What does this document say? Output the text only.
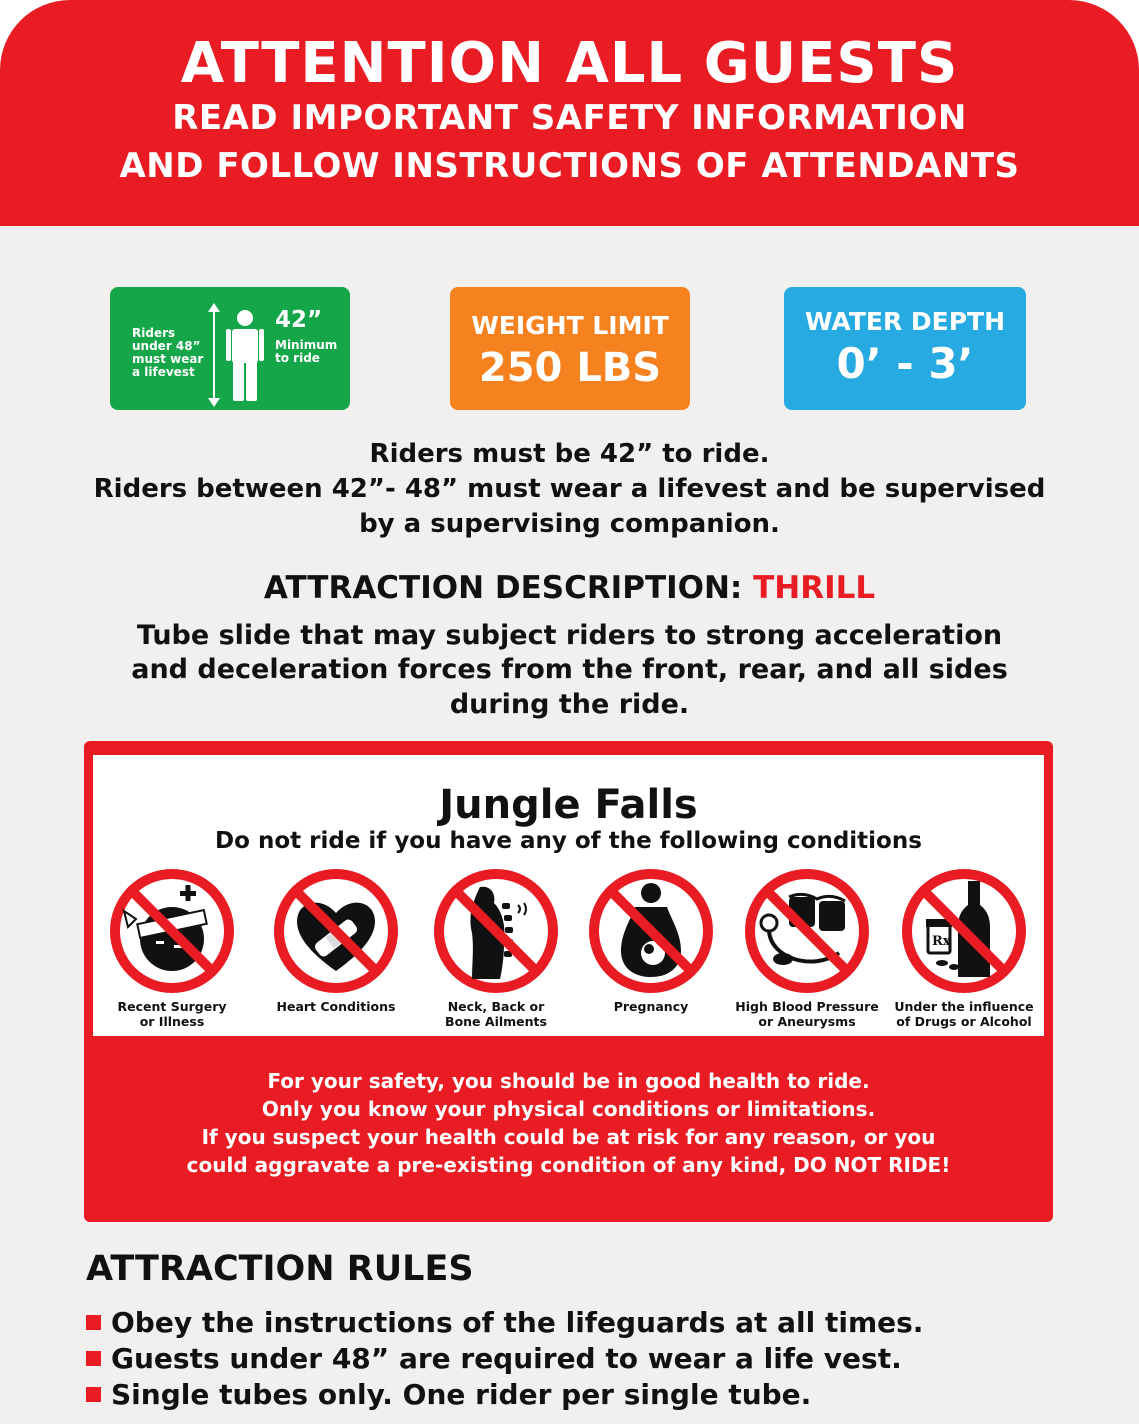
ATTENTION ALL GUESTS
READ IMPORTANT SAFETY INFORMATION
AND FOLLOW INSTRUCTIONS OF ATTENDANTS
Riders
under 48”
must wear
a lifevest
42”
Minimum
to ride
WEIGHT LIMIT
250 LBS
WATER DEPTH
0’ - 3’
Riders must be 42” to ride.
Riders between 42”- 48” must wear a lifevest and be supervised
by a supervising companion.
ATTRACTION DESCRIPTION: THRILL
Tube slide that may subject riders to strong acceleration
and deceleration forces from the front, rear, and all sides
during the ride.
Jungle Falls
Do not ride if you have any of the following conditions
Recent Surgery
or Illness
Heart Conditions	Neck, Back or
Bone Ailments
Pregnancy	High Blood Pressure
or Aneurysms
Rx
Under the influence
of Drugs or Alcohol
For your safety, you should be in good health to ride.
Only you know your physical conditions or limitations.
If you suspect your health could be at risk for any reason, or you
could aggravate a pre-existing condition of any kind, DO NOT RIDE!
ATTRACTION RULES
Obey the instructions of the lifeguards at all times.
Guests under 48” are required to wear a life vest.
Single tubes only. One rider per single tube.
